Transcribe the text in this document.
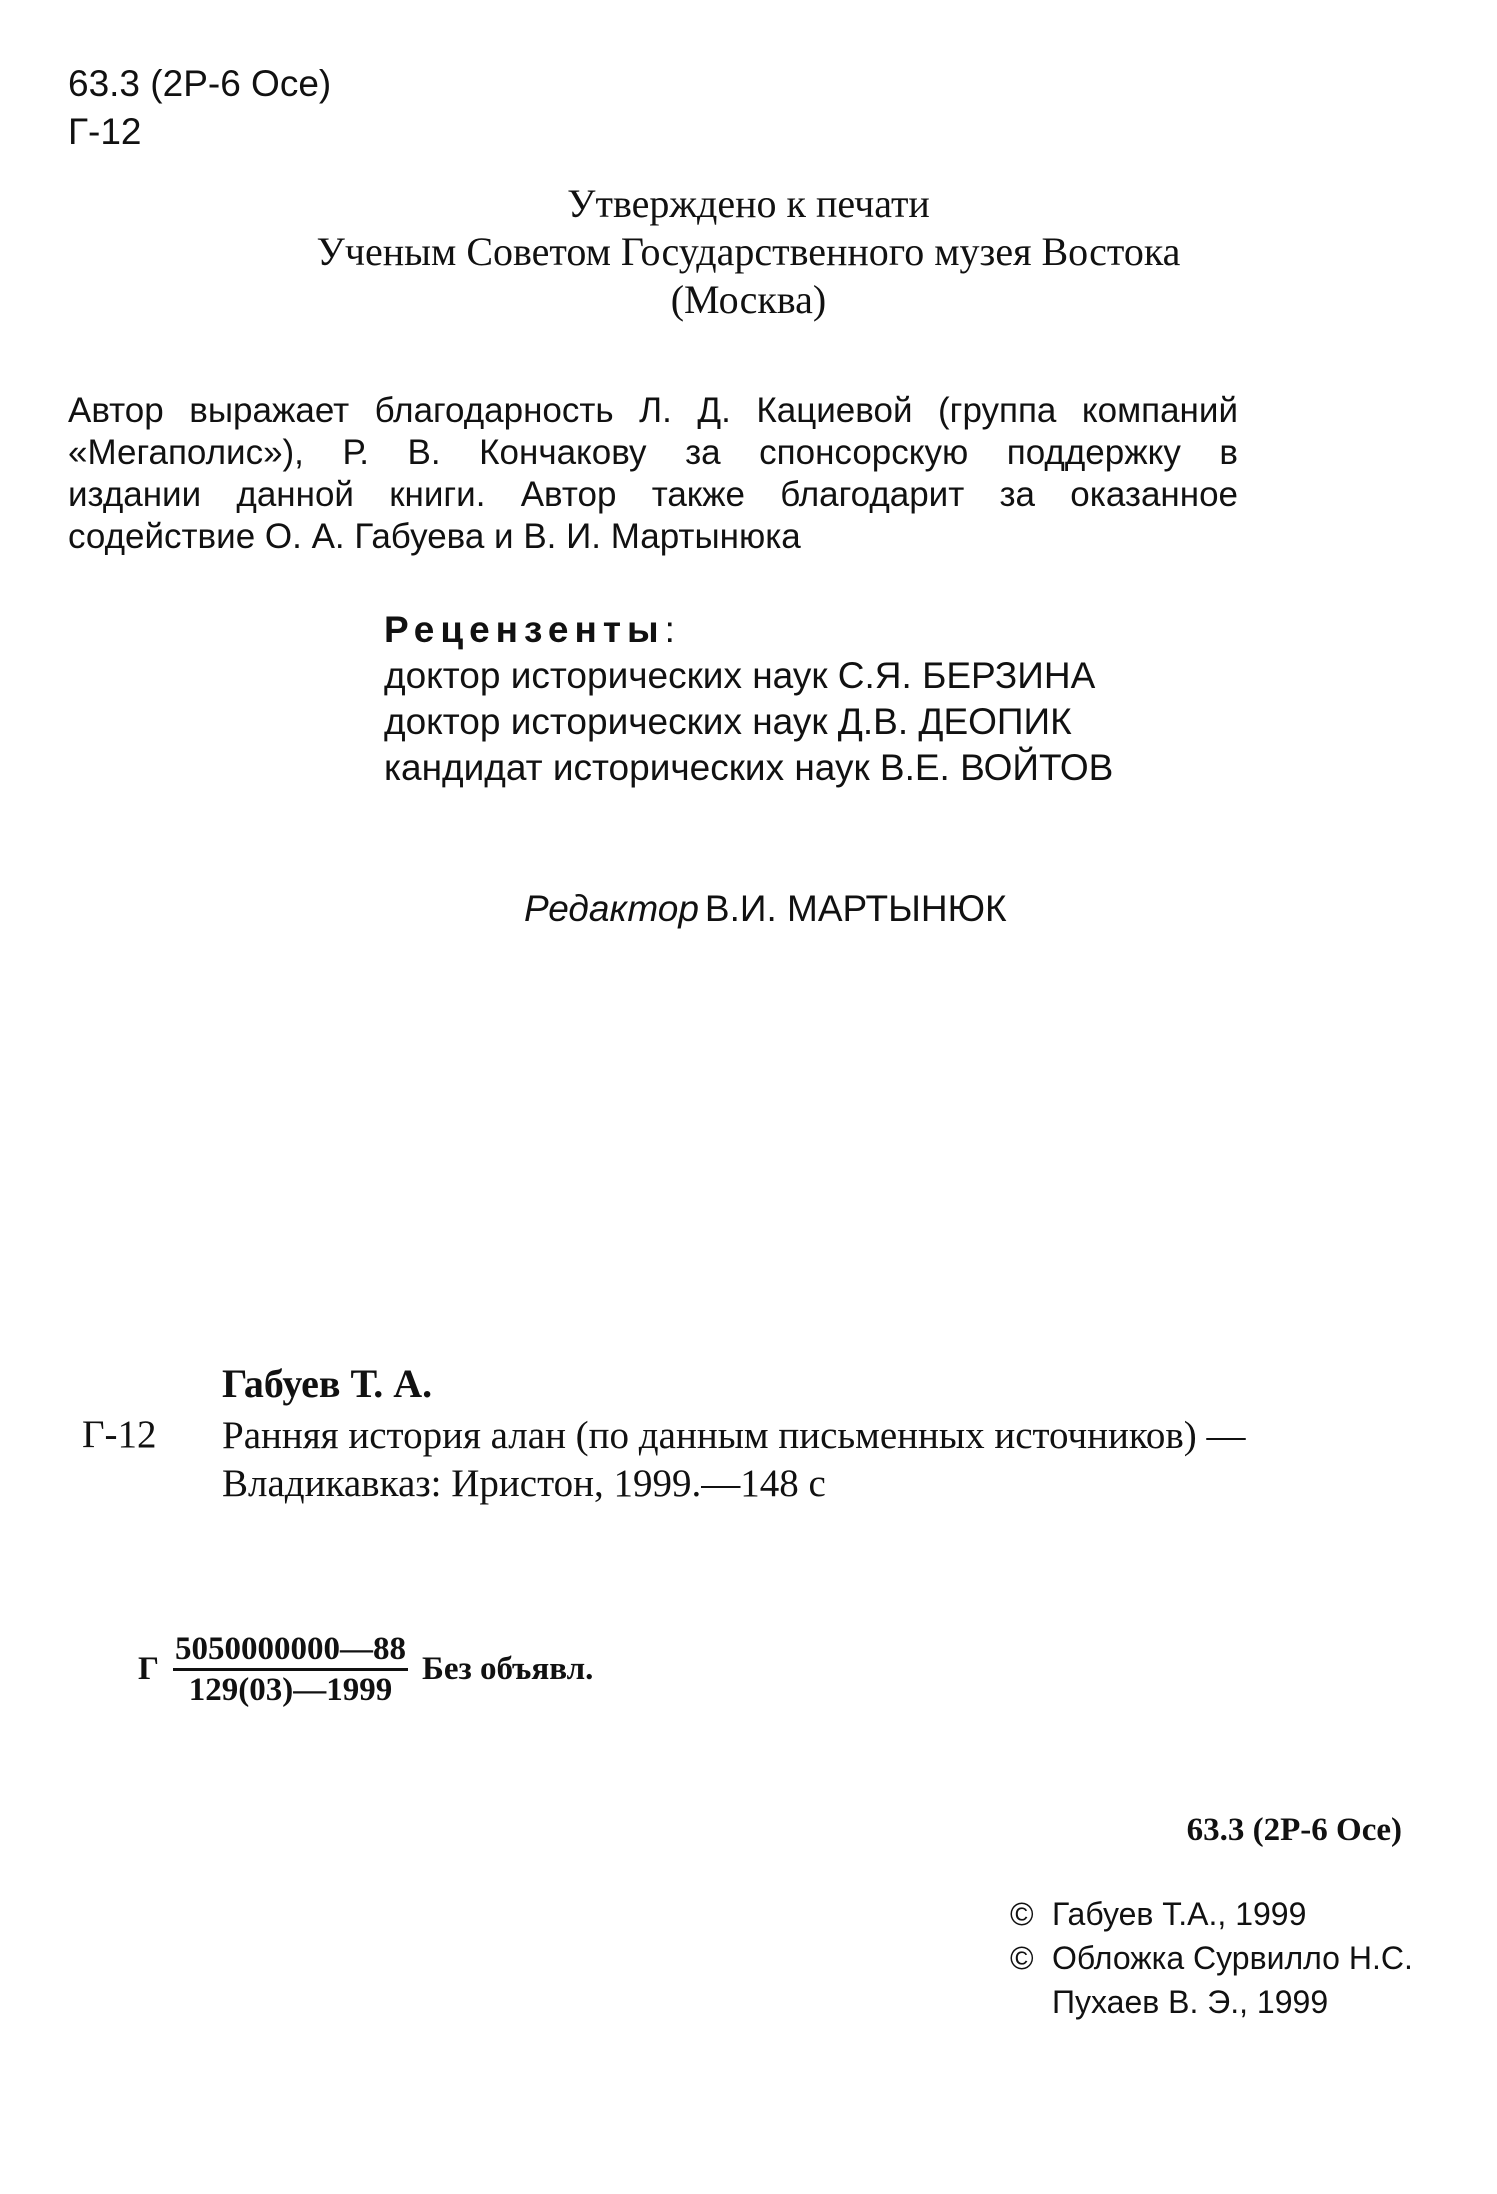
63.3 (2P-6 Oce)
Г-12
Утверждено к печати
Ученым Советом Государственного музея Востока
(Москва)
Автор выражает благодарность Л. Д. Кациевой (группа компаний
«Мегаполис»), Р. В. Кончакову за спонсорскую поддержку в
издании данной книги. Автор также благодарит за оказанное
содействие О. А. Габуева и В. И. Мартынюка
Рецензенты:
доктор исторических наук С.Я. БЕРЗИНА
доктор исторических наук Д.В. ДЕОПИК
кандидат исторических наук В.Е. ВОЙТОВ
Редактор В.И. МАРТЫНЮК
Габуев Т. А.
Г-12 Ранняя история алан (по данным письменных источников) —
Владикавказ: Иристон, 1999.—148 с
Г $\frac{5050000000—88}{129(03)—1999}$ Без объявл.
63.3 (2P-6 Oce)
© Габуев Т.А., 1999
© Обложка Сурвилло Н.С.
Пухаев В. Э., 1999
